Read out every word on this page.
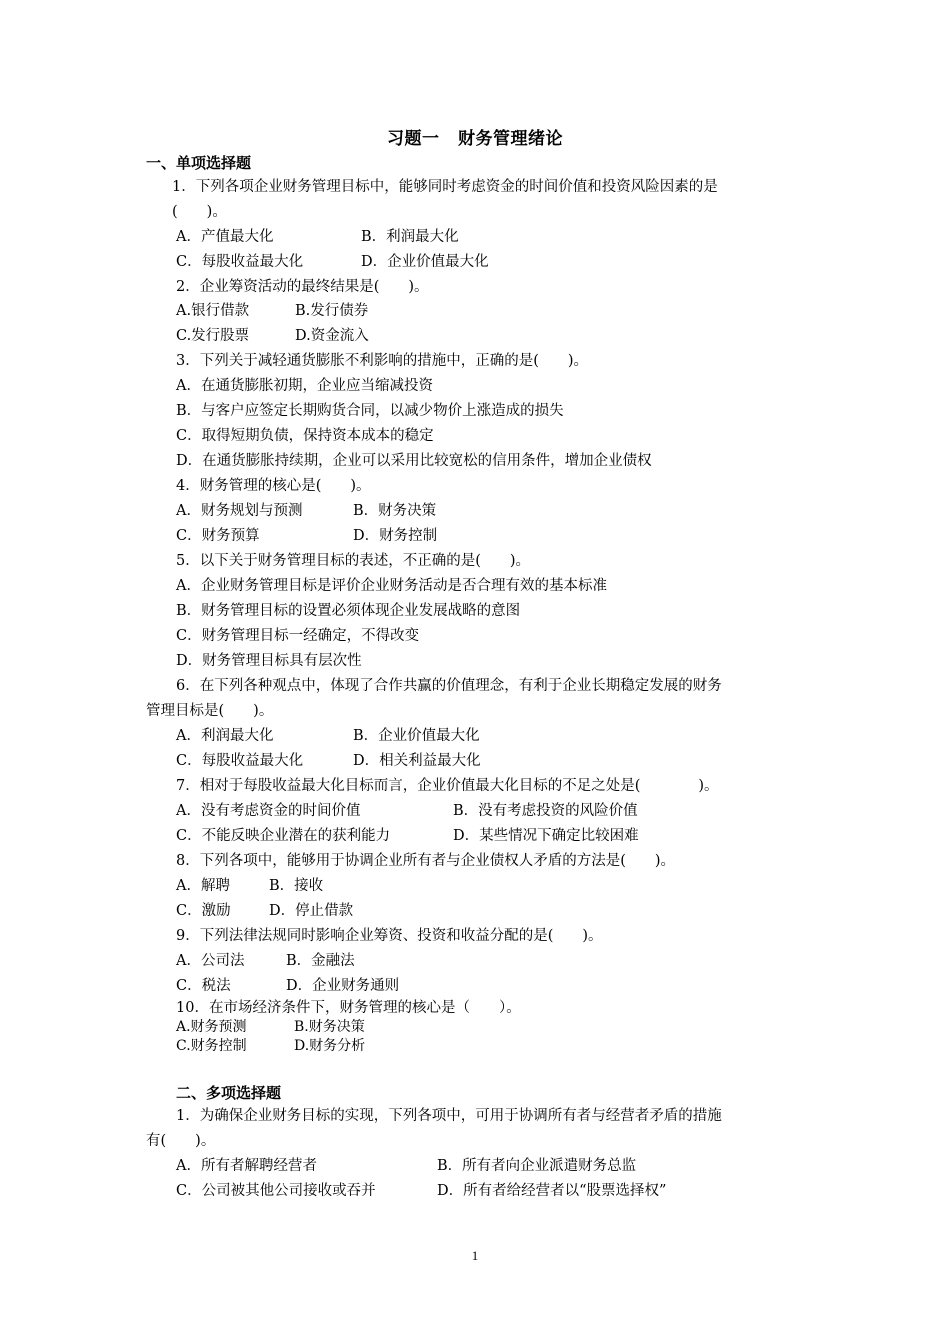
习题一 财务管理绪论
一、单项选择题
1．下列各项企业财务管理目标中，能够同时考虑资金的时间价值和投资风险因素的是
(　　)。
A．产值最大化	B．利润最大化
C．每股收益最大化	D．企业价值最大化
2．企业筹资活动的最终结果是(　　)。
A.银行借款	B.发行债券
C.发行股票	D.资金流入
3．下列关于减轻通货膨胀不利影响的措施中，正确的是(　　)。
A．在通货膨胀初期，企业应当缩减投资
B．与客户应签定长期购货合同，以减少物价上涨造成的损失
C．取得短期负债，保持资本成本的稳定
D．在通货膨胀持续期，企业可以采用比较宽松的信用条件，增加企业债权
4．财务管理的核心是(　　)。
A．财务规划与预测	B．财务决策
C．财务预算	D．财务控制
5．以下关于财务管理目标的表述，不正确的是(　　)。
A．企业财务管理目标是评价企业财务活动是否合理有效的基本标准
B．财务管理目标的设置必须体现企业发展战略的意图
C．财务管理目标一经确定，不得改变
D．财务管理目标具有层次性
6．在下列各种观点中，体现了合作共赢的价值理念，有利于企业长期稳定发展的财务
管理目标是(　　)。
A．利润最大化	B．企业价值最大化
C．每股收益最大化	D．相关利益最大化
7．相对于每股收益最大化目标而言，企业价值最大化目标的不足之处是(　　　　)。
A．没有考虑资金的时间价值	B．没有考虑投资的风险价值
C．不能反映企业潜在的获利能力	D．某些情况下确定比较困难
8．下列各项中，能够用于协调企业所有者与企业债权人矛盾的方法是(　　)。
A．解聘	B．接收
C．激励	D．停止借款
9．下列法律法规同时影响企业筹资、投资和收益分配的是(　　)。
A．公司法	B．金融法
C．税法	D．企业财务通则
10．在市场经济条件下，财务管理的核心是（　　）。
A.财务预测	B.财务决策
C.财务控制	D.财务分析
二、多项选择题
1．为确保企业财务目标的实现，下列各项中，可用于协调所有者与经营者矛盾的措施
有(　　)。
A．所有者解聘经营者	B．所有者向企业派遣财务总监
C．公司被其他公司接收或吞并	D．所有者给经营者以“股票选择权”
1
